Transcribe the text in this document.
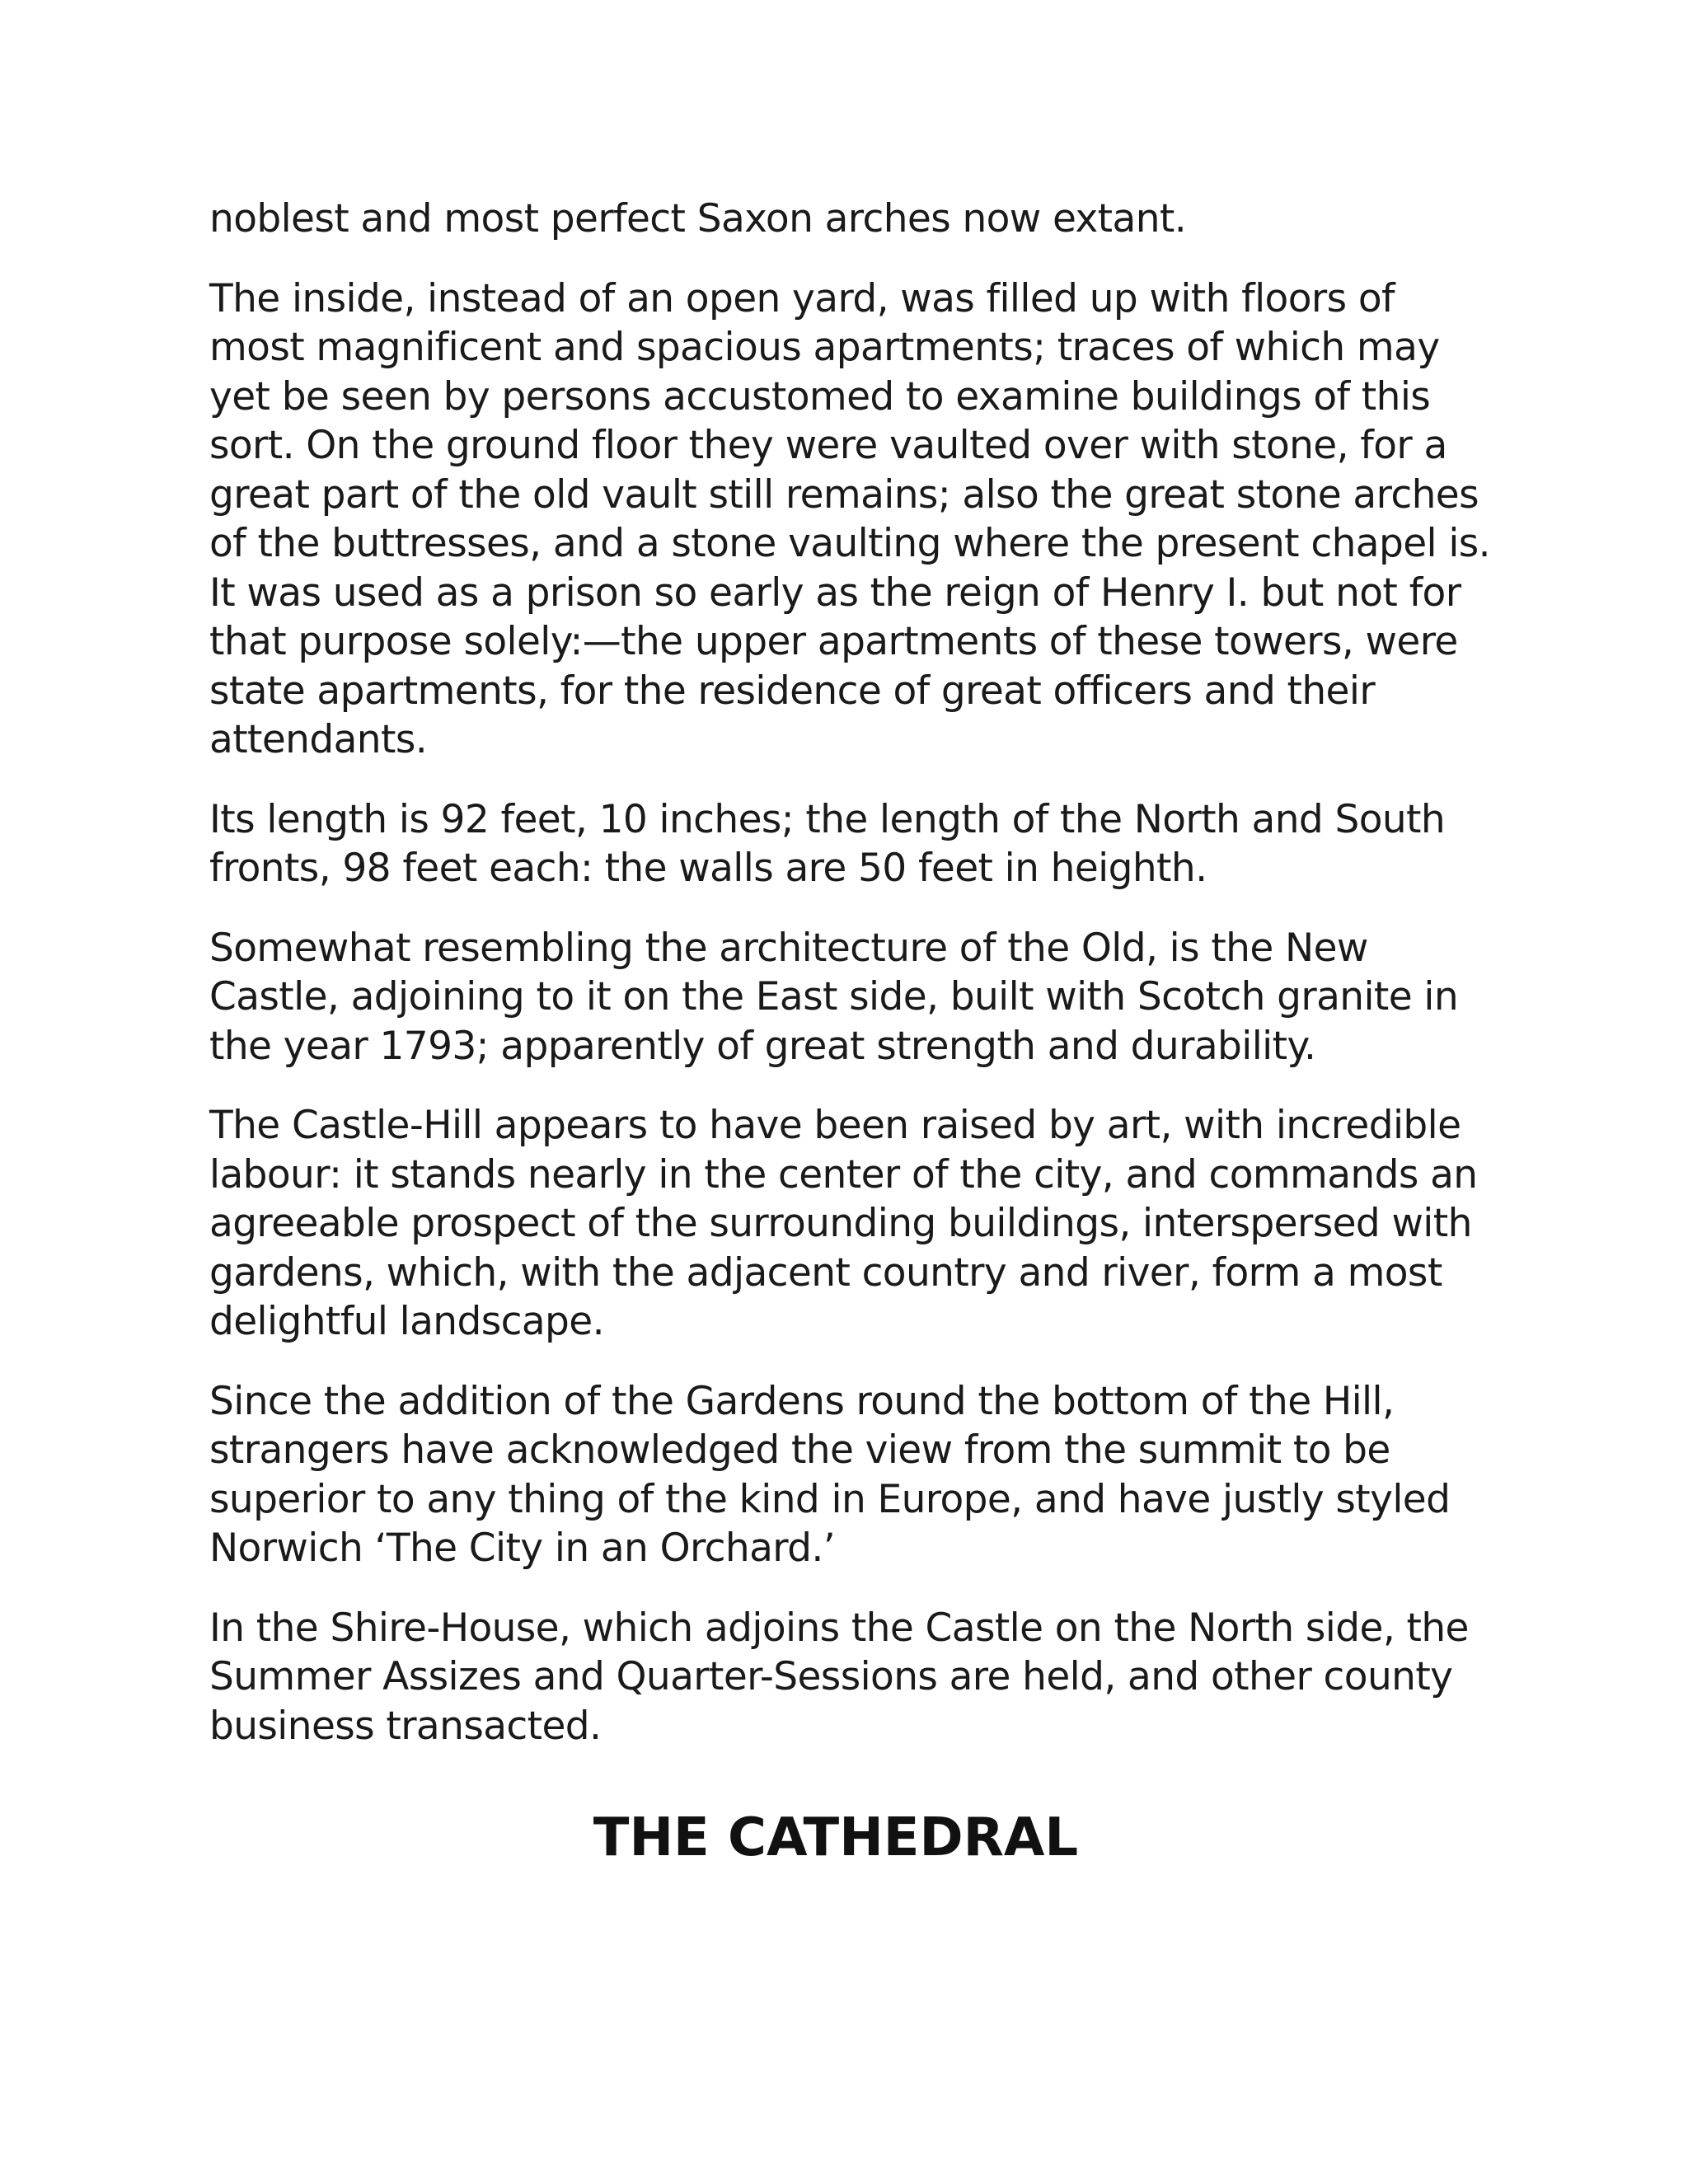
noblest and most perfect Saxon arches now extant.

The inside, instead of an open yard, was filled up with floors of most magnificent and spacious apartments; traces of which may yet be seen by persons accustomed to examine buildings of this sort. On the ground floor they were vaulted over with stone, for a great part of the old vault still remains; also the great stone arches of the buttresses, and a stone vaulting where the present chapel is. It was used as a prison so early as the reign of Henry I. but not for that purpose solely:—the upper apartments of these towers, were state apartments, for the residence of great officers and their attendants.

Its length is 92 feet, 10 inches; the length of the North and South fronts, 98 feet each: the walls are 50 feet in heighth.

Somewhat resembling the architecture of the Old, is the New Castle, adjoining to it on the East side, built with Scotch granite in the year 1793; apparently of great strength and durability.

The Castle-Hill appears to have been raised by art, with incredible labour: it stands nearly in the center of the city, and commands an agreeable prospect of the surrounding buildings, interspersed with gardens, which, with the adjacent country and river, form a most delightful landscape.

Since the addition of the Gardens round the bottom of the Hill, strangers have acknowledged the view from the summit to be superior to any thing of the kind in Europe, and have justly styled Norwich ‘The City in an Orchard.’

In the Shire-House, which adjoins the Castle on the North side, the Summer Assizes and Quarter-Sessions are held, and other county business transacted.

THE CATHEDRAL
